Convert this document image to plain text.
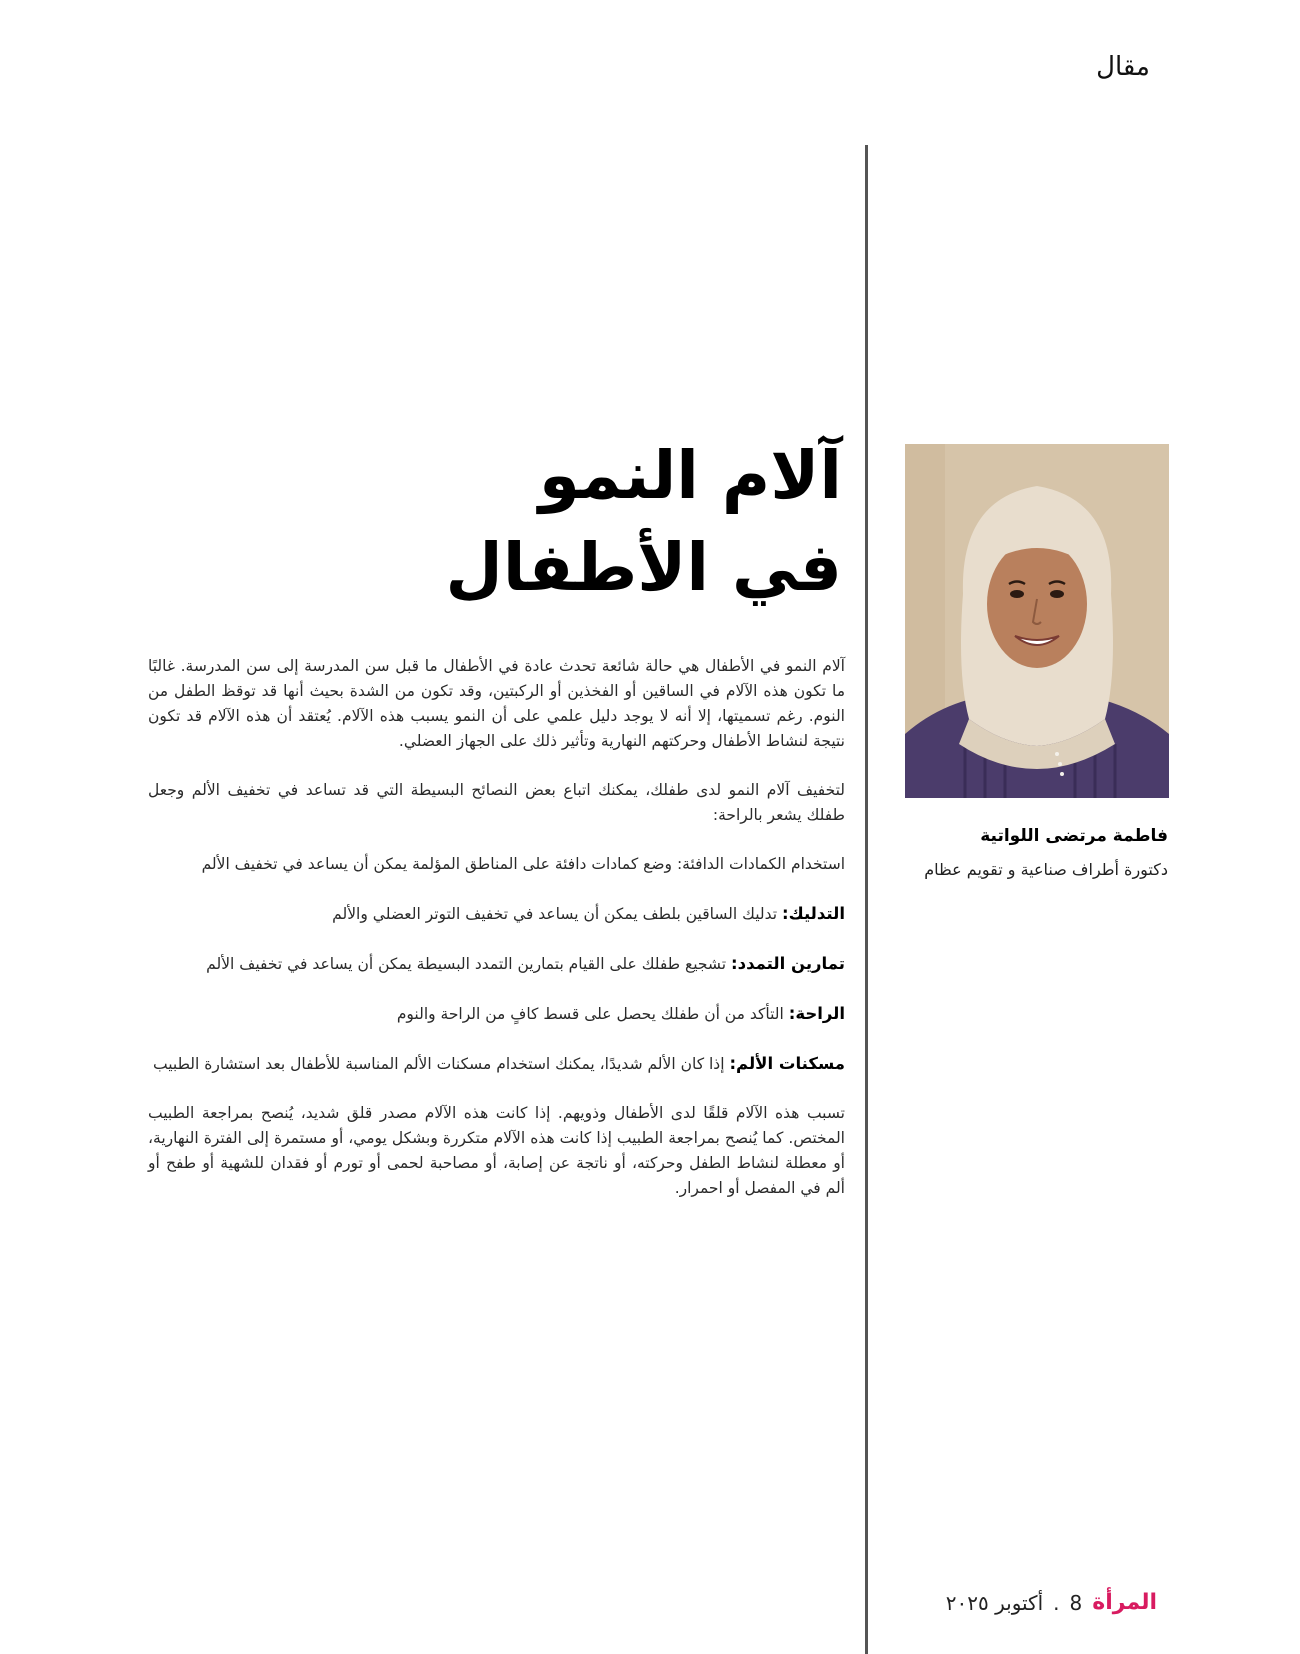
مقال
آلام النمو
في الأطفال

آلام النمو في الأطفال هي حالة شائعة تحدث عادة في الأطفال ما قبل سن المدرسة إلى سن المدرسة. غالبًا ما تكون هذه الآلام في الساقين أو الفخذين أو الركبتين، وقد تكون من الشدة بحيث أنها قد توقظ الطفل من النوم. رغم تسميتها، إلا أنه لا يوجد دليل علمي على أن النمو يسبب هذه الآلام. يُعتقد أن هذه الآلام قد تكون نتيجة لنشاط الأطفال وحركتهم النهارية وتأثير ذلك على الجهاز العضلي.

لتخفيف آلام النمو لدى طفلك، يمكنك اتباع بعض النصائح البسيطة التي قد تساعد في تخفيف الألم وجعل طفلك يشعر بالراحة:

استخدام الكمادات الدافئة: وضع كمادات دافئة على المناطق المؤلمة يمكن أن يساعد في تخفيف الألم

التدليك: تدليك الساقين بلطف يمكن أن يساعد في تخفيف التوتر العضلي والألم

تمارين التمدد: تشجيع طفلك على القيام بتمارين التمدد البسيطة يمكن أن يساعد في تخفيف الألم

الراحة: التأكد من أن طفلك يحصل على قسط كافٍ من الراحة والنوم

مسكنات الألم: إذا كان الألم شديدًا، يمكنك استخدام مسكنات الألم المناسبة للأطفال بعد استشارة الطبيب

تسبب هذه الآلام قلقًا لدى الأطفال وذويهم. إذا كانت هذه الآلام مصدر قلق شديد، يُنصح بمراجعة الطبيب المختص. كما يُنصح بمراجعة الطبيب إذا كانت هذه الآلام متكررة وبشكل يومي، أو مستمرة إلى الفترة النهارية، أو معطلة لنشاط الطفل وحركته، أو ناتجة عن إصابة، أو مصاحبة لحمى أو تورم أو فقدان للشهية أو طفح أو ألم في المفصل أو احمرار.

فاطمة مرتضى اللواتية
دكتورة أطراف صناعية و تقويم عظام
المرأة
8
.
أكتوبر ٢٠٢٥
